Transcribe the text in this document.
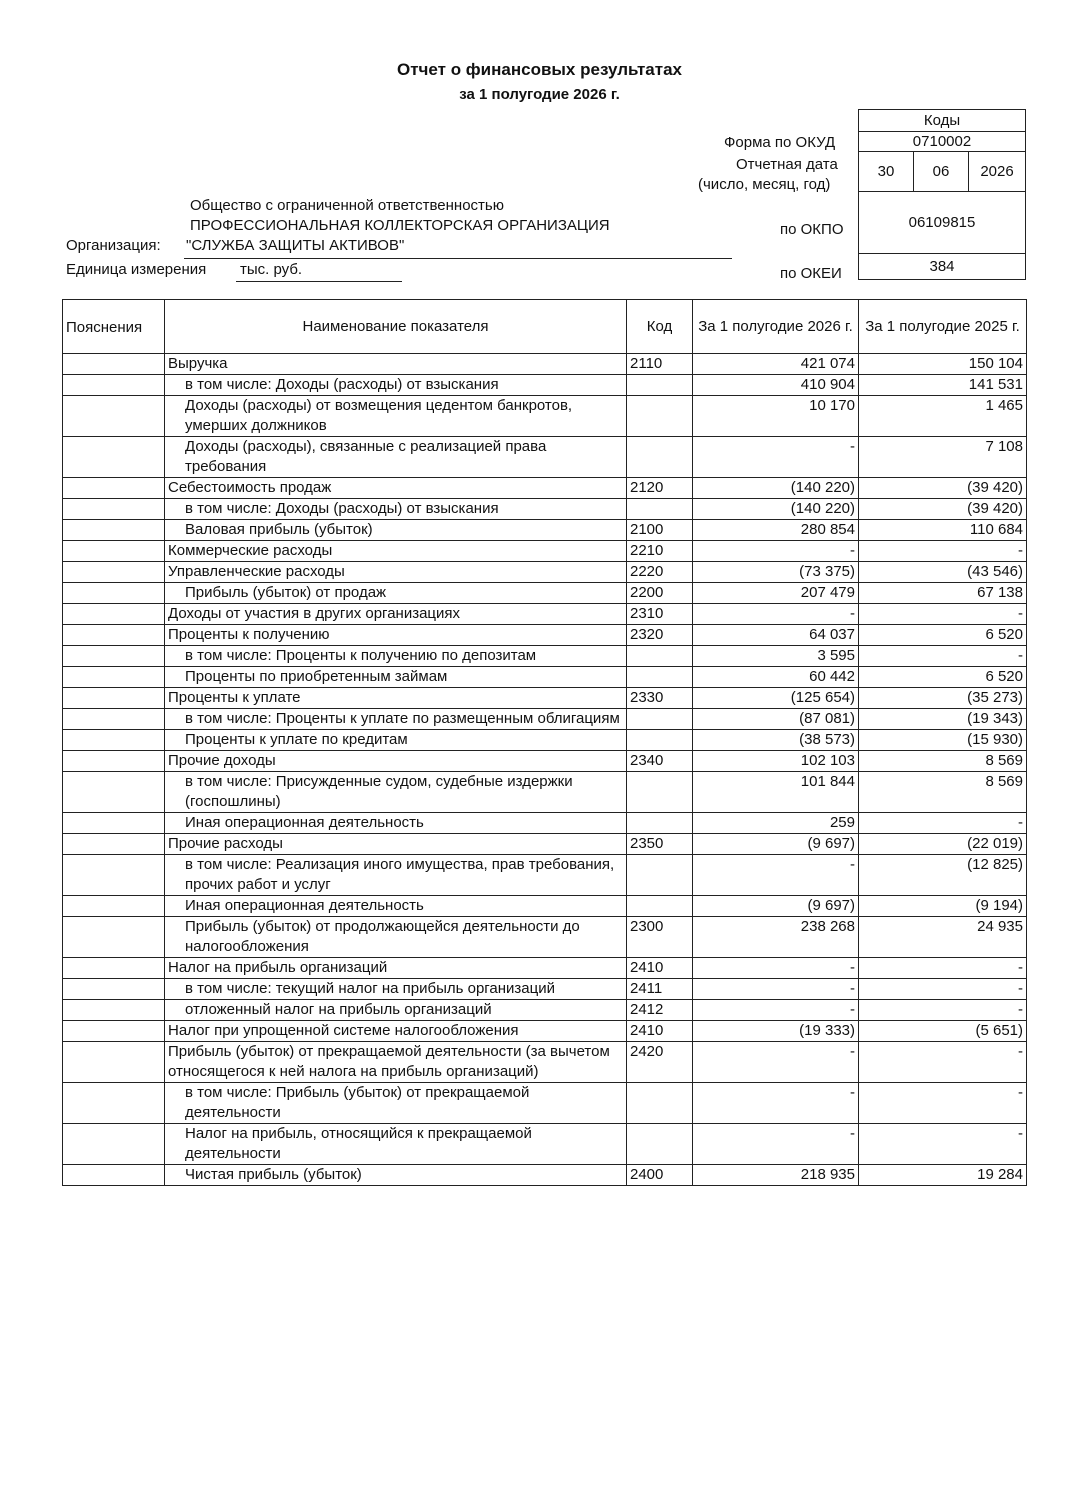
Отчет о финансовых результатах
за 1 полугодие 2026 г.
Форма по ОКУД
Отчетная дата
(число, месяц, год)
по ОКПО
по ОКЕИ
Коды
0710002
30	06	2026
06109815
384
Общество с ограниченной ответственностью
ПРОФЕССИОНАЛЬНАЯ КОЛЛЕКТОРСКАЯ ОРГАНИЗАЦИЯ
Организация: "СЛУЖБА ЗАЩИТЫ АКТИВОВ"
Единица измерения тыс. руб.
Пояснения	Наименование показателя	Код	За 1 полугодие 2026 г.	За 1 полугодие 2025 г.
	Выручка	2110	421 074	150 104
	в том числе: Доходы (расходы) от взыскания		410 904	141 531
	Доходы (расходы) от возмещения цедентом банкротов, умерших должников		10 170	1 465
	Доходы (расходы), связанные с реализацией права требования		-	7 108
	Себестоимость продаж	2120	(140 220)	(39 420)
	в том числе: Доходы (расходы) от взыскания		(140 220)	(39 420)
	Валовая прибыль (убыток)	2100	280 854	110 684
	Коммерческие расходы	2210	-	-
	Управленческие расходы	2220	(73 375)	(43 546)
	Прибыль (убыток) от продаж	2200	207 479	67 138
	Доходы от участия в других организациях	2310	-	-
	Проценты к получению	2320	64 037	6 520
	в том числе: Проценты к получению по депозитам		3 595	-
	Проценты по приобретенным займам		60 442	6 520
	Проценты к уплате	2330	(125 654)	(35 273)
	в том числе: Проценты к уплате по размещенным облигациям		(87 081)	(19 343)
	Проценты к уплате по кредитам		(38 573)	(15 930)
	Прочие доходы	2340	102 103	8 569
	в том числе: Присужденные судом, судебные издержки (госпошлины)		101 844	8 569
	Иная операционная деятельность		259	-
	Прочие расходы	2350	(9 697)	(22 019)
	в том числе: Реализация иного имущества, прав требования, прочих работ и услуг		-	(12 825)
	Иная операционная деятельность		(9 697)	(9 194)
	Прибыль (убыток) от продолжающейся деятельности до налогообложения	2300	238 268	24 935
	Налог на прибыль организаций	2410	-	-
	в том числе: текущий налог на прибыль организаций	2411	-	-
	отложенный налог на прибыль организаций	2412	-	-
	Налог при упрощенной системе налогообложения	2410	(19 333)	(5 651)
	Прибыль (убыток) от прекращаемой деятельности (за вычетом относящегося к ней налога на прибыль организаций)	2420	-	-
	в том числе: Прибыль (убыток) от прекращаемой деятельности		-	-
	Налог на прибыль, относящийся к прекращаемой деятельности		-	-
	Чистая прибыль (убыток)	2400	218 935	19 284
